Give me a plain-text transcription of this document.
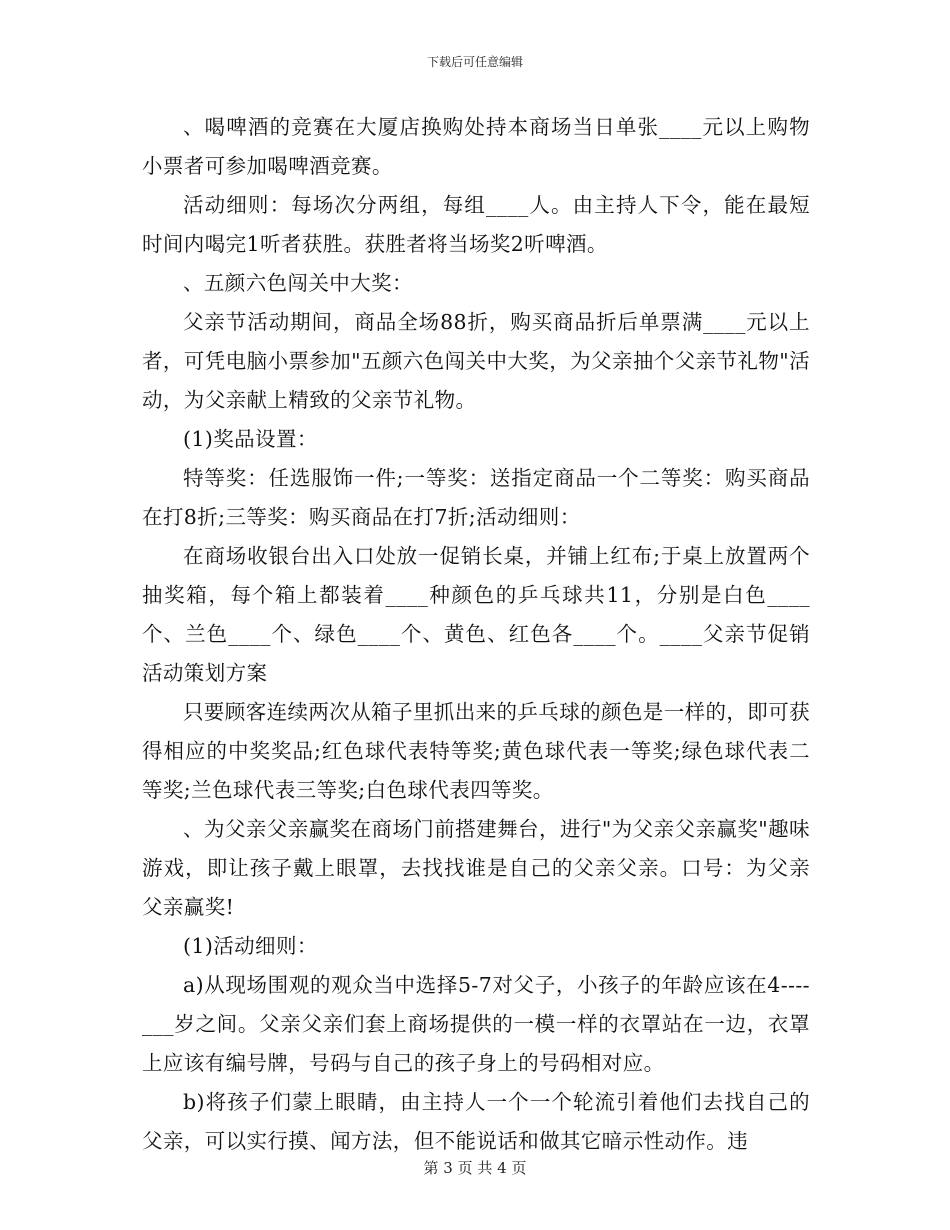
下载后可任意编辑

、喝啤酒的竞赛在大厦店换购处持本商场当日单张____元以上购物小票者可参加喝啤酒竞赛。

活动细则：每场次分两组，每组____人。由主持人下令，能在最短时间内喝完1听者获胜。获胜者将当场奖2听啤酒。

、五颜六色闯关中大奖：

父亲节活动期间，商品全场88折，购买商品折后单票满____元以上者，可凭电脑小票参加"五颜六色闯关中大奖，为父亲抽个父亲节礼物"活动，为父亲献上精致的父亲节礼物。

(1)奖品设置：

特等奖：任选服饰一件;一等奖：送指定商品一个二等奖：购买商品在打8折;三等奖：购买商品在打7折;活动细则：

在商场收银台出入口处放一促销长桌，并铺上红布;于桌上放置两个抽奖箱，每个箱上都装着____种颜色的乒乓球共11，分别是白色____个、兰色____个、绿色____个、黄色、红色各____个。____父亲节促销活动策划方案

只要顾客连续两次从箱子里抓出来的乒乓球的颜色是一样的，即可获得相应的中奖奖品;红色球代表特等奖;黄色球代表一等奖;绿色球代表二等奖;兰色球代表三等奖;白色球代表四等奖。

、为父亲父亲赢奖在商场门前搭建舞台，进行"为父亲父亲赢奖"趣味游戏，即让孩子戴上眼罩，去找找谁是自己的父亲父亲。口号：为父亲父亲赢奖!

(1)活动细则：

a)从现场围观的观众当中选择5-7对父子，小孩子的年龄应该在4----___岁之间。父亲父亲们套上商场提供的一模一样的衣罩站在一边，衣罩上应该有编号牌，号码与自己的孩子身上的号码相对应。

b)将孩子们蒙上眼睛，由主持人一个一个轮流引着他们去找自己的父亲，可以实行摸、闻方法，但不能说话和做其它暗示性动作。违

第 3 页 共 4 页
